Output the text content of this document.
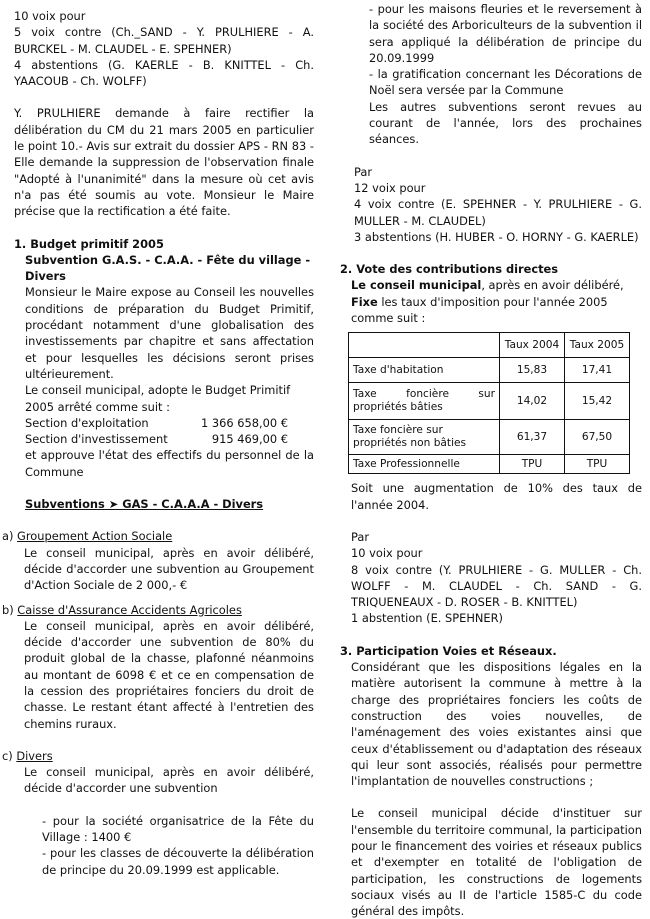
10 voix pour

5 voix contre (Ch._SAND - Y. PRULHIERE - A. BURCKEL - M. CLAUDEL - E. SPEHNER)

4 abstentions (G. KAERLE - B. KNITTEL - Ch. YAACOUB - Ch. WOLFF)

Y. PRULHIERE demande à faire rectifier la délibération du CM du 21 mars 2005 en particulier le point 10.- Avis sur extrait du dossier APS - RN 83 - Elle demande la suppression de l'observation finale "Adopté à l'unanimité" dans la mesure où cet avis n'a pas été soumis au vote. Monsieur le Maire précise que la rectification a été faite.

1. Budget primitif 2005

Subvention G.A.S. - C.A.A. - Fête du village - Divers

Monsieur le Maire expose au Conseil les nouvelles conditions de préparation du Budget Primitif, procédant notamment d'une globalisation des investissements par chapitre et sans affectation et pour lesquelles les décisions seront prises ultérieurement.

Le conseil municipal, adopte le Budget Primitif 2005 arrêté comme suit :

Section d'exploitation	1 366 658,00 €
Section d'investissement	915 469,00 €

et approuve l'état des effectifs du personnel de la Commune

Subventions ➤ GAS - C.A.A.A - Divers

a) Groupement Action Sociale

Le conseil municipal, après en avoir délibéré, décide d'accorder une subvention au Groupement d'Action Sociale de 2 000,- €

b) Caisse d'Assurance Accidents Agricoles

Le conseil municipal, après en avoir délibéré, décide d'accorder une subvention de 80% du produit global de la chasse, plafonné néanmoins au montant de 6098 € et ce en compensation de la cession des propriétaires fonciers du droit de chasse. Le restant étant affecté à l'entretien des chemins ruraux.

c) Divers

Le conseil municipal, après en avoir délibéré, décide d'accorder une subvention

- pour la société organisatrice de la Fête du Village : 1400 €

- pour les classes de découverte la délibération de principe du 20.09.1999 est applicable.

- pour les maisons fleuries et le reversement à la société des Arboriculteurs de la subvention il sera appliqué la délibération de principe du 20.09.1999

- la gratification concernant les Décorations de Noël sera versée par la Commune

Les autres subventions seront revues au courant de l'année, lors des prochaines séances.

Par

12 voix pour

4 voix contre (E. SPEHNER - Y. PRULHIERE - G. MULLER - M. CLAUDEL)

3 abstentions (H. HUBER - O. HORNY - G. KAERLE)

2. Vote des contributions directes

Le conseil municipal, après en avoir délibéré,

Fixe les taux d'imposition pour l'année 2005 comme suit :

	Taux 2004	Taux 2005
Taxe d'habitation	15,83	17,41
Taxe foncière sur propriétés bâties	14,02	15,42
Taxe foncière sur propriétés non bâties	61,37	67,50
Taxe Professionnelle	TPU	TPU

Soit une augmentation de 10% des taux de l'année 2004.

Par

10 voix pour

8 voix contre (Y. PRULHIERE - G. MULLER - Ch. WOLFF - M. CLAUDEL - Ch. SAND - G. TRIQUENEAUX - D. ROSER - B. KNITTEL)

1 abstention (E. SPEHNER)

3. Participation Voies et Réseaux.

Considérant que les dispositions légales en la matière autorisent la commune à mettre à la charge des propriétaires fonciers les coûts de construction des voies nouvelles, de l'aménagement des voies existantes ainsi que ceux d'établissement ou d'adaptation des réseaux qui leur sont associés, réalisés pour permettre l'implantation de nouvelles constructions ;

Le conseil municipal décide d'instituer sur l'ensemble du territoire communal, la participation pour le financement des voiries et réseaux publics et d'exempter en totalité de l'obligation de participation, les constructions de logements sociaux visés au II de l'article 1585-C du code général des impôts.
